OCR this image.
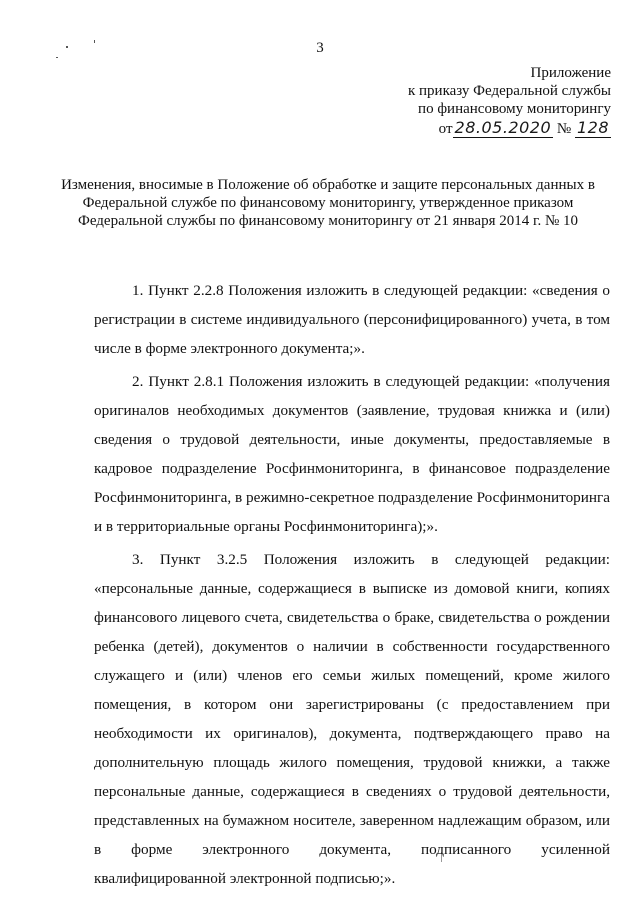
3
Приложение
к приказу Федеральной службы
по финансовому мониторингу
от 28.05.2020 № 128
Изменения, вносимые в Положение об обработке и защите персональных данных в Федеральной службе по финансовому мониторингу, утвержденное приказом Федеральной службы по финансовому мониторингу от 21 января 2014 г. № 10

1. Пункт 2.2.8 Положения изложить в следующей редакции: «сведения о регистрации в системе индивидуального (персонифицированного) учета, в том числе в форме электронного документа;».

2. Пункт 2.8.1 Положения изложить в следующей редакции: «получения оригиналов необходимых документов (заявление, трудовая книжка и (или) сведения о трудовой деятельности, иные документы, предоставляемые в кадровое подразделение Росфинмониторинга, в финансовое подразделение Росфинмониторинга, в режимно-секретное подразделение Росфинмониторинга и в территориальные органы Росфинмониторинга);».

3. Пункт 3.2.5 Положения изложить в следующей редакции: «персональные данные, содержащиеся в выписке из домовой книги, копиях финансового лицевого счета, свидетельства о браке, свидетельства о рождении ребенка (детей), документов о наличии в собственности государственного служащего и (или) членов его семьи жилых помещений, кроме жилого помещения, в котором они зарегистрированы (с предоставлением при необходимости их оригиналов), документа, подтверждающего право на дополнительную площадь жилого помещения, трудовой книжки, а также персональные данные, содержащиеся в сведениях о трудовой деятельности, представленных на бумажном носителе, заверенном надлежащим образом, или в форме электронного документа, подписанного усиленной квалифицированной электронной подписью;».
